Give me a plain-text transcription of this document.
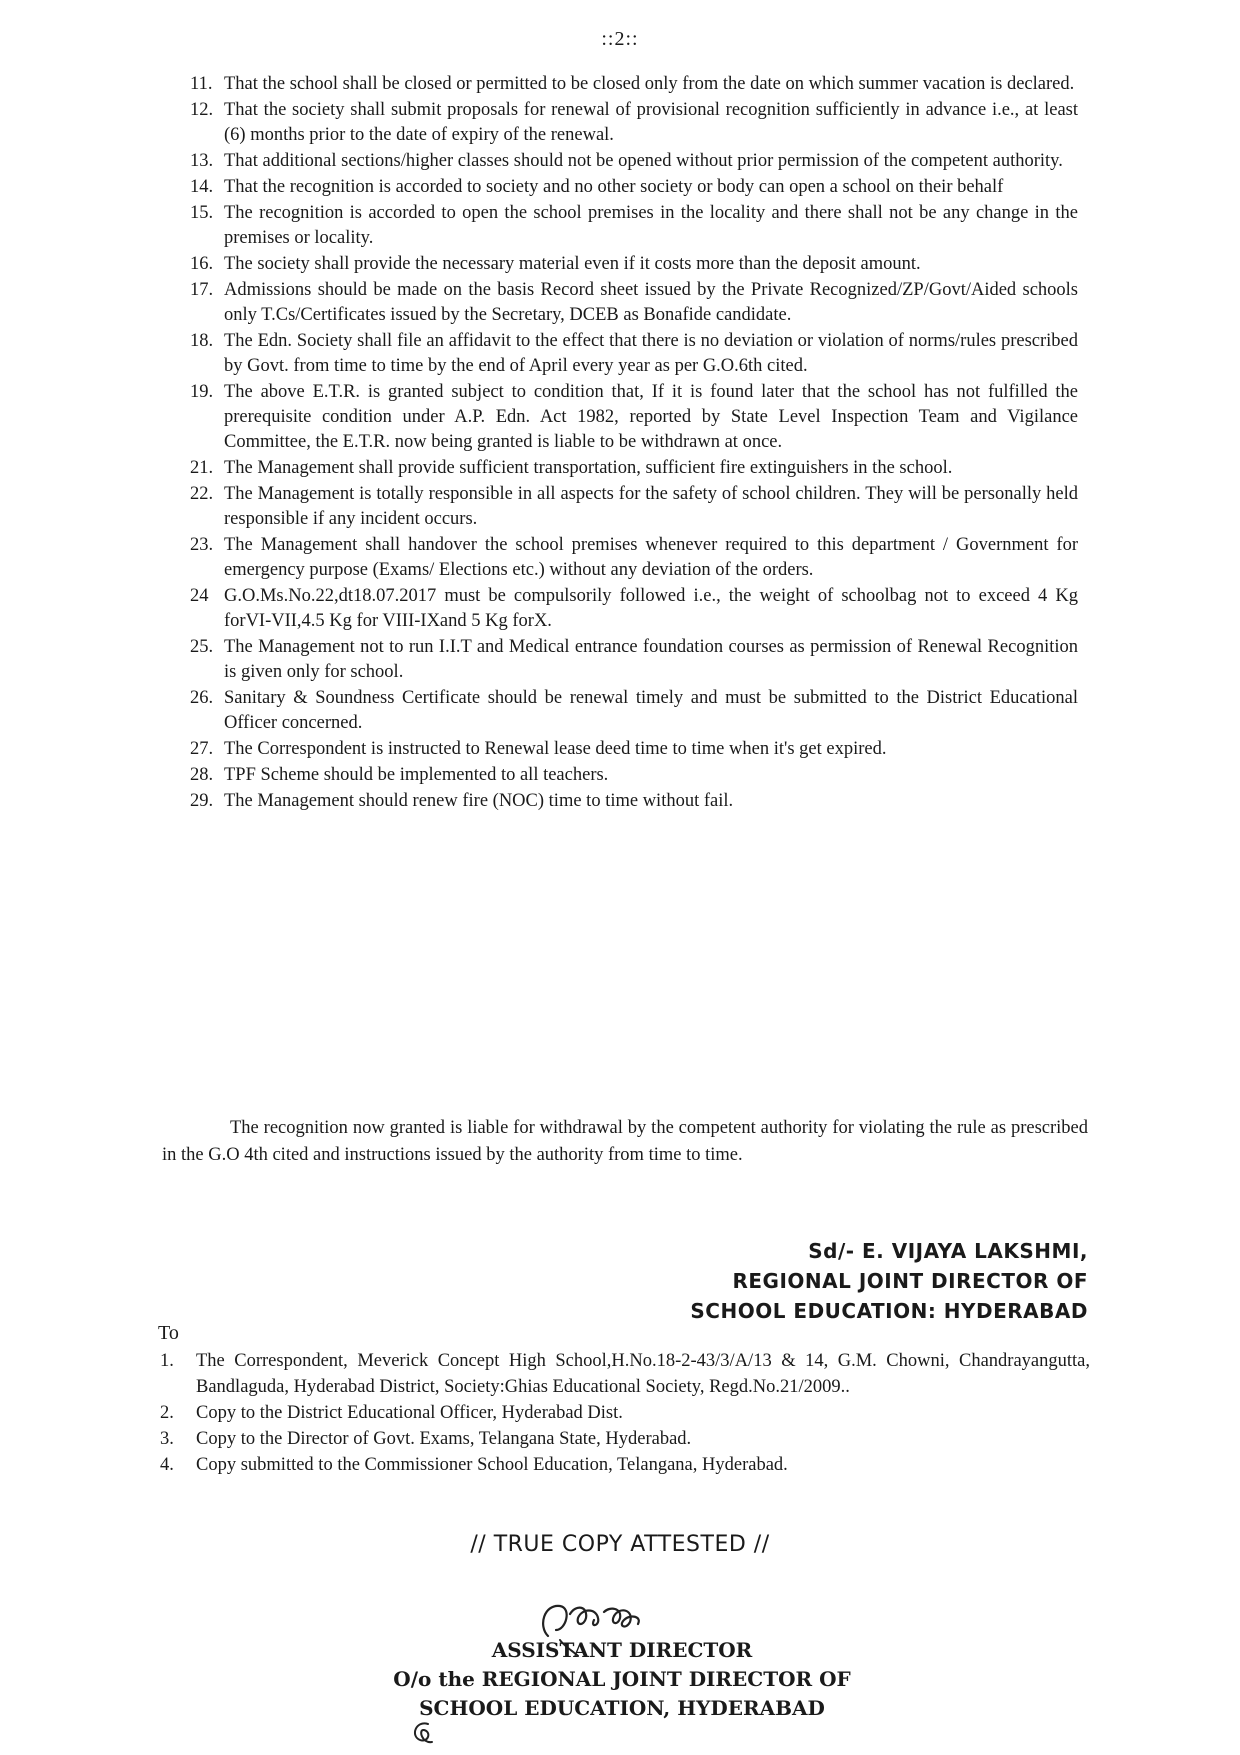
::2::
11. That the school shall be closed or permitted to be closed only from the date on which summer vacation is declared.
12. That the society shall submit proposals for renewal of provisional recognition sufficiently in advance i.e., at least (6) months prior to the date of expiry of the renewal.
13. That additional sections/higher classes should not be opened without prior permission of the competent authority.
14. That the recognition is accorded to society and no other society or body can open a school on their behalf
15. The recognition is accorded to open the school premises in the locality and there shall not be any change in the premises or locality.
16. The society shall provide the necessary material even if it costs more than the deposit amount.
17. Admissions should be made on the basis Record sheet issued by the Private Recognized/ZP/Govt/Aided schools only T.Cs/Certificates issued by the Secretary, DCEB as Bonafide candidate.
18. The Edn. Society shall file an affidavit to the effect that there is no deviation or violation of norms/rules prescribed by Govt. from time to time by the end of April every year as per G.O.6th cited.
19. The above E.T.R. is granted subject to condition that, If it is found later that the school has not fulfilled the prerequisite condition under A.P. Edn. Act 1982, reported by State Level Inspection Team and Vigilance Committee, the E.T.R. now being granted is liable to be withdrawn at once.
21. The Management shall provide sufficient transportation, sufficient fire extinguishers in the school.
22. The Management is totally responsible in all aspects for the safety of school children. They will be personally held responsible if any incident occurs.
23. The Management shall handover the school premises whenever required to this department / Government for emergency purpose (Exams/ Elections etc.) without any deviation of the orders.
24 G.O.Ms.No.22,dt18.07.2017 must be compulsorily followed i.e., the weight of schoolbag not to exceed 4 Kg forVI-VII,4.5 Kg for VIII-IXand 5 Kg forX.
25. The Management not to run I.I.T and Medical entrance foundation courses as permission of Renewal Recognition is given only for school.
26. Sanitary & Soundness Certificate should be renewal timely and must be submitted to the District Educational Officer concerned.
27. The Correspondent is instructed to Renewal lease deed time to time when it's get expired.
28. TPF Scheme should be implemented to all teachers.
29. The Management should renew fire (NOC) time to time without fail.

The recognition now granted is liable for withdrawal by the competent authority for violating the rule as prescribed in the G.O 4th cited and instructions issued by the authority from time to time.

Sd/- E. VIJAYA LAKSHMI,
REGIONAL JOINT DIRECTOR OF
SCHOOL EDUCATION: HYDERABAD
To
1. The Correspondent, Meverick Concept High School,H.No.18-2-43/3/A/13 & 14, G.M. Chowni, Chandrayangutta, Bandlaguda, Hyderabad District, Society:Ghias Educational Society, Regd.No.21/2009..
2. Copy to the District Educational Officer, Hyderabad Dist.
3. Copy to the Director of Govt. Exams, Telangana State, Hyderabad.
4. Copy submitted to the Commissioner School Education, Telangana, Hyderabad.
// TRUE COPY ATTESTED //
ASSISTANT DIRECTOR
O/o the REGIONAL JOINT DIRECTOR OF
SCHOOL EDUCATION, HYDERABAD
